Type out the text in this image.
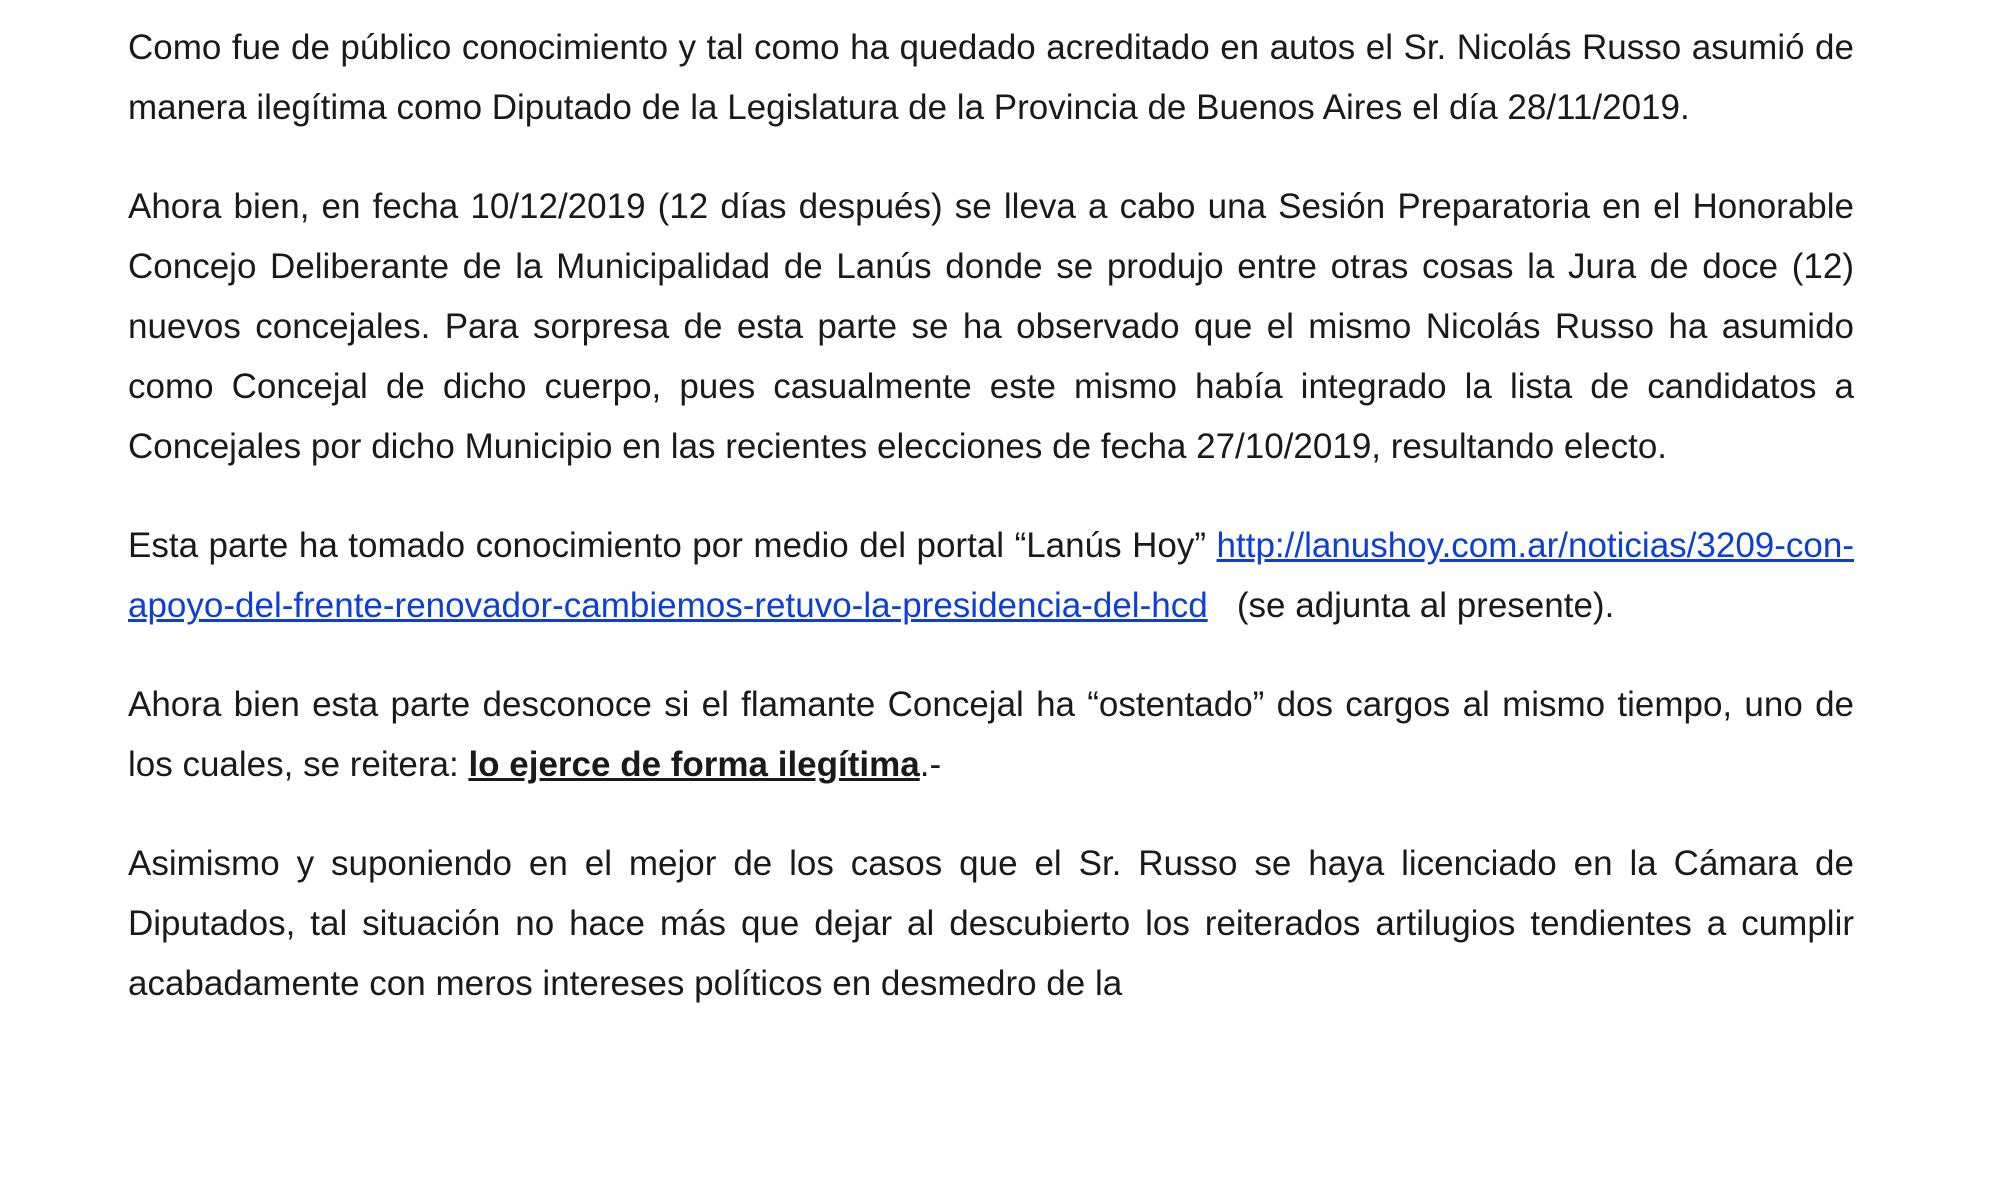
Como fue de público conocimiento y tal como ha quedado acreditado en autos el Sr. Nicolás Russo asumió de manera ilegítima como Diputado de la Legislatura de la Provincia de Buenos Aires el día 28/11/2019.

Ahora bien, en fecha 10/12/2019 (12 días después) se lleva a cabo una Sesión Preparatoria en el Honorable Concejo Deliberante de la Municipalidad de Lanús donde se produjo entre otras cosas la Jura de doce (12) nuevos concejales. Para sorpresa de esta parte se ha observado que el mismo Nicolás Russo ha asumido como Concejal de dicho cuerpo, pues casualmente este mismo había integrado la lista de candidatos a Concejales por dicho Municipio en las recientes elecciones de fecha 27/10/2019, resultando electo.

Esta parte ha tomado conocimiento por medio del portal “Lanús Hoy” http://lanushoy.com.ar/noticias/3209-con-apoyo-del-frente-renovador-cambiemos-retuvo-la-presidencia-del-hcd   (se adjunta al presente).

Ahora bien esta parte desconoce si el flamante Concejal ha “ostentado” dos cargos al mismo tiempo, uno de los cuales, se reitera: lo ejerce de forma ilegítima.-

Asimismo y suponiendo en el mejor de los casos que el Sr. Russo se haya licenciado en la Cámara de Diputados, tal situación no hace más que dejar al descubierto los reiterados artilugios tendientes a cumplir acabadamente con meros intereses políticos en desmedro de la
